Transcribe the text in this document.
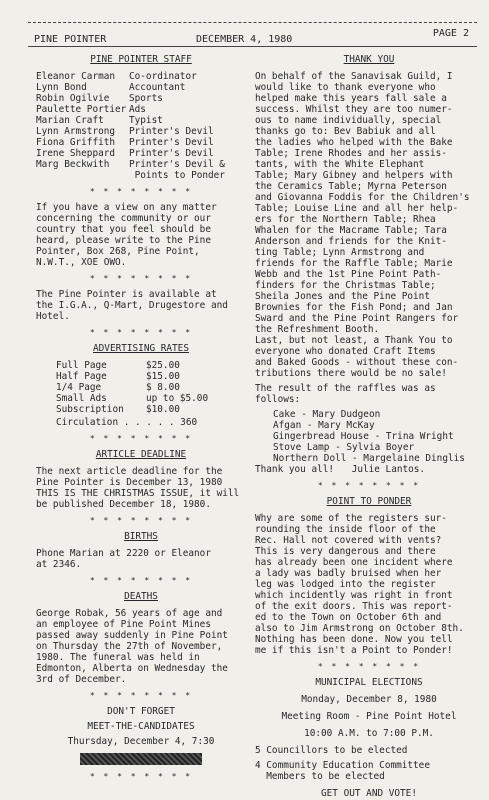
PINE POINTER	DECEMBER 4, 1980
PAGE 2
PINE POINTER STAFF
Eleanor Carman	Co-ordinator
Lynn Bond	Accountant
Robin Ogilvie	Sports
Paulette Portier Ads
Marian Craft	Typist
Lynn Armstrong	Printer's Devil
Fiona Griffith	Printer's Devil
Irene Sheppard	Printer's Devil
Marg Beckwith	Printer's Devil &
Points to Ponder
* * * * * * * *

If you have a view on any matter
concerning the community or our
country that you feel should be
heard, please write to the Pine
Pointer, Box 268, Pine Point,
N.W.T., XOE OWO.

* * * * * * * *

The Pine Pointer is available at
the I.G.A., Q-Mart, Drugestore and
Hotel.

* * * * * * * *
ADVERTISING RATES
Full Page	$25.00
Half Page	$15.00
1/4 Page	$ 8.00
Small Ads	up to $5.00
Subscription	$10.00
Circulation . . . . . 360
* * * * * * * *
ARTICLE DEADLINE

The next article deadline for the
Pine Pointer is December 13, 1980
THIS IS THE CHRISTMAS ISSUE, it will
be published December 18, 1980.

* * * * * * * *
BIRTHS

Phone Marian at 2220 or Eleanor
at 2346.

* * * * * * * *
DEATHS

George Robak, 56 years of age and
an employee of Pine Point Mines
passed away suddenly in Pine Point
on Thursday the 27th of November,
1980. The funeral was held in
Edmonton, Alberta on Wednesday the
3rd of December.

* * * * * * * *
DON'T FORGET
MEET-THE-CANDIDATES
Thursday, December 4, 7:30
* * * * * * * *
THANK YOU

On behalf of the Sanavisak Guild, I
would like to thank everyone who
helped make this years fall sale a
success. Whilst they are too numer-
ous to name individually, special
thanks go to: Bev Babiuk and all
the ladies who helped with the Bake
Table; Irene Rhodes and her assis-
tants, with the White Elephant
Table; Mary Gibney and helpers with
the Ceramics Table; Myrna Peterson
and Giovanna Foddis for the Children's
Table; Louise Line and all her help-
ers for the Northern Table; Rhea
Whalen for the Macrame Table; Tara
Anderson and friends for the Knit-
ting Table; Lynn Armstrong and
friends for the Raffle Table; Marie
Webb and the 1st Pine Point Path-
finders for the Christmas Table;
Sheila Jones and the Pine Point
Brownies for the Fish Pond; and Jan
Sward and the Pine Point Rangers for
the Refreshment Booth.
Last, but not least, a Thank You to
everyone who donated Craft Items
and Baked Goods - without these con-
tributions there would be no sale!

The result of the raffles was as
follows:

Cake - Mary Dudgeon
Afgan - Mary McKay
Gingerbread House - Trina Wright
Stove Lamp - Sylvia Boyer
Northern Doll - Margelaine Dinglis

Thank you all! Julie Lantos.
* * * * * * * *
POINT TO PONDER

Why are some of the registers sur-
rounding the inside floor of the
Rec. Hall not covered with vents?
This is very dangerous and there
has already been one incident where
a lady was badly bruised when her
leg was lodged into the register
which incidently was right in front
of the exit doors. This was report-
ed to the Town on October 6th and
also to Jim Armstrong on October 8th.
Nothing has been done. Now you tell
me if this isn't a Point to Ponder!

* * * * * * * *
MUNICIPAL ELECTIONS
Monday, December 8, 1980
Meeting Room - Pine Point Hotel
10:00 A.M. to 7:00 P.M.
5 Councillors to be elected

4 Community Education Committee
Members to be elected

GET OUT AND VOTE!
